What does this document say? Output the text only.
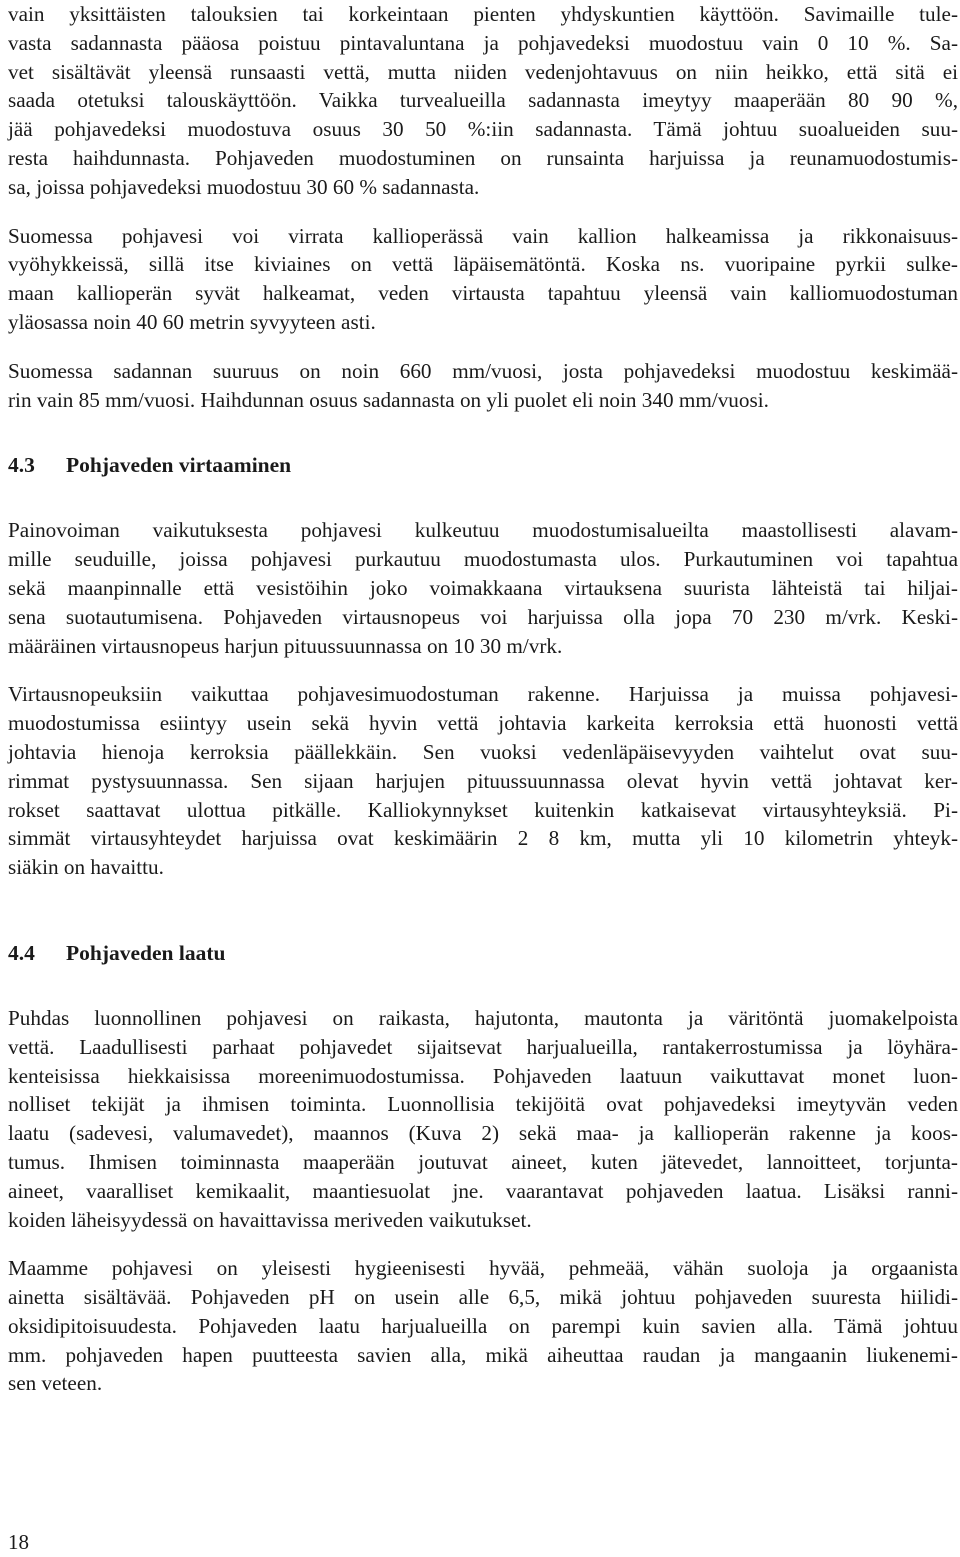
vain yksittäisten talouksien tai korkeintaan pienten yhdyskuntien käyttöön. Savimaille tule-
vasta sadannasta pääosa poistuu pintavaluntana ja pohjavedeksi muodostuu vain 0 10 %. Sa-
vet sisältävät yleensä runsaasti vettä, mutta niiden vedenjohtavuus on niin heikko, että sitä ei
saada otetuksi talouskäyttöön. Vaikka turvealueilla sadannasta imeytyy maaperään 80 90 %,
jää pohjavedeksi muodostuva osuus 30 50 %:iin sadannasta. Tämä johtuu suoalueiden suu-
resta haihdunnasta. Pohjaveden muodostuminen on runsainta harjuissa ja reunamuodostumis-
sa, joissa pohjavedeksi muodostuu 30 60 % sadannasta.
Suomessa pohjavesi voi virrata kallioperässä vain kallion halkeamissa ja rikkonaisuus-
vyöhykkeissä, sillä itse kiviaines on vettä läpäisemätöntä. Koska ns. vuoripaine pyrkii sulke-
maan kallioperän syvät halkeamat, veden virtausta tapahtuu yleensä vain kalliomuodostuman
yläosassa noin 40 60 metrin syvyyteen asti.
Suomessa sadannan suuruus on noin 660 mm/vuosi, josta pohjavedeksi muodostuu keskimää-
rin vain 85 mm/vuosi. Haihdunnan osuus sadannasta on yli puolet eli noin 340 mm/vuosi.
4.3	Pohjaveden virtaaminen
Painovoiman vaikutuksesta pohjavesi kulkeutuu muodostumisalueilta maastollisesti alavam-
mille seuduille, joissa pohjavesi purkautuu muodostumasta ulos. Purkautuminen voi tapahtua
sekä maanpinnalle että vesistöihin joko voimakkaana virtauksena suurista lähteistä tai hiljai-
sena suotautumisena. Pohjaveden virtausnopeus voi harjuissa olla jopa 70 230 m/vrk. Keski-
määräinen virtausnopeus harjun pituussuunnassa on 10 30 m/vrk.
Virtausnopeuksiin vaikuttaa pohjavesimuodostuman rakenne. Harjuissa ja muissa pohjavesi-
muodostumissa esiintyy usein sekä hyvin vettä johtavia karkeita kerroksia että huonosti vettä
johtavia hienoja kerroksia päällekkäin. Sen vuoksi vedenläpäisevyyden vaihtelut ovat suu-
rimmat pystysuunnassa. Sen sijaan harjujen pituussuunnassa olevat hyvin vettä johtavat ker-
rokset saattavat ulottua pitkälle. Kalliokynnykset kuitenkin katkaisevat virtausyhteyksiä. Pi-
simmät virtausyhteydet harjuissa ovat keskimäärin 2 8 km, mutta yli 10 kilometrin yhteyk-
siäkin on havaittu.
4.4	Pohjaveden laatu
Puhdas luonnollinen pohjavesi on raikasta, hajutonta, mautonta ja väritöntä juomakelpoista
vettä. Laadullisesti parhaat pohjavedet sijaitsevat harjualueilla, rantakerrostumissa ja löyhära-
kenteisissa hiekkaisissa moreenimuodostumissa. Pohjaveden laatuun vaikuttavat monet luon-
nolliset tekijät ja ihmisen toiminta. Luonnollisia tekijöitä ovat pohjavedeksi imeytyvän veden
laatu (sadevesi, valumavedet), maannos (Kuva 2) sekä maa- ja kallioperän rakenne ja koos-
tumus. Ihmisen toiminnasta maaperään joutuvat aineet, kuten jätevedet, lannoitteet, torjunta-
aineet, vaaralliset kemikaalit, maantiesuolat jne. vaarantavat pohjaveden laatua. Lisäksi ranni-
koiden läheisyydessä on havaittavissa meriveden vaikutukset.
Maamme pohjavesi on yleisesti hygieenisesti hyvää, pehmeää, vähän suoloja ja orgaanista
ainetta sisältävää. Pohjaveden pH on usein alle 6,5, mikä johtuu pohjaveden suuresta hiilidi-
oksidipitoisuudesta. Pohjaveden laatu harjualueilla on parempi kuin savien alla. Tämä johtuu
mm. pohjaveden hapen puutteesta savien alla, mikä aiheuttaa raudan ja mangaanin liukenemi-
sen veteen.
18
